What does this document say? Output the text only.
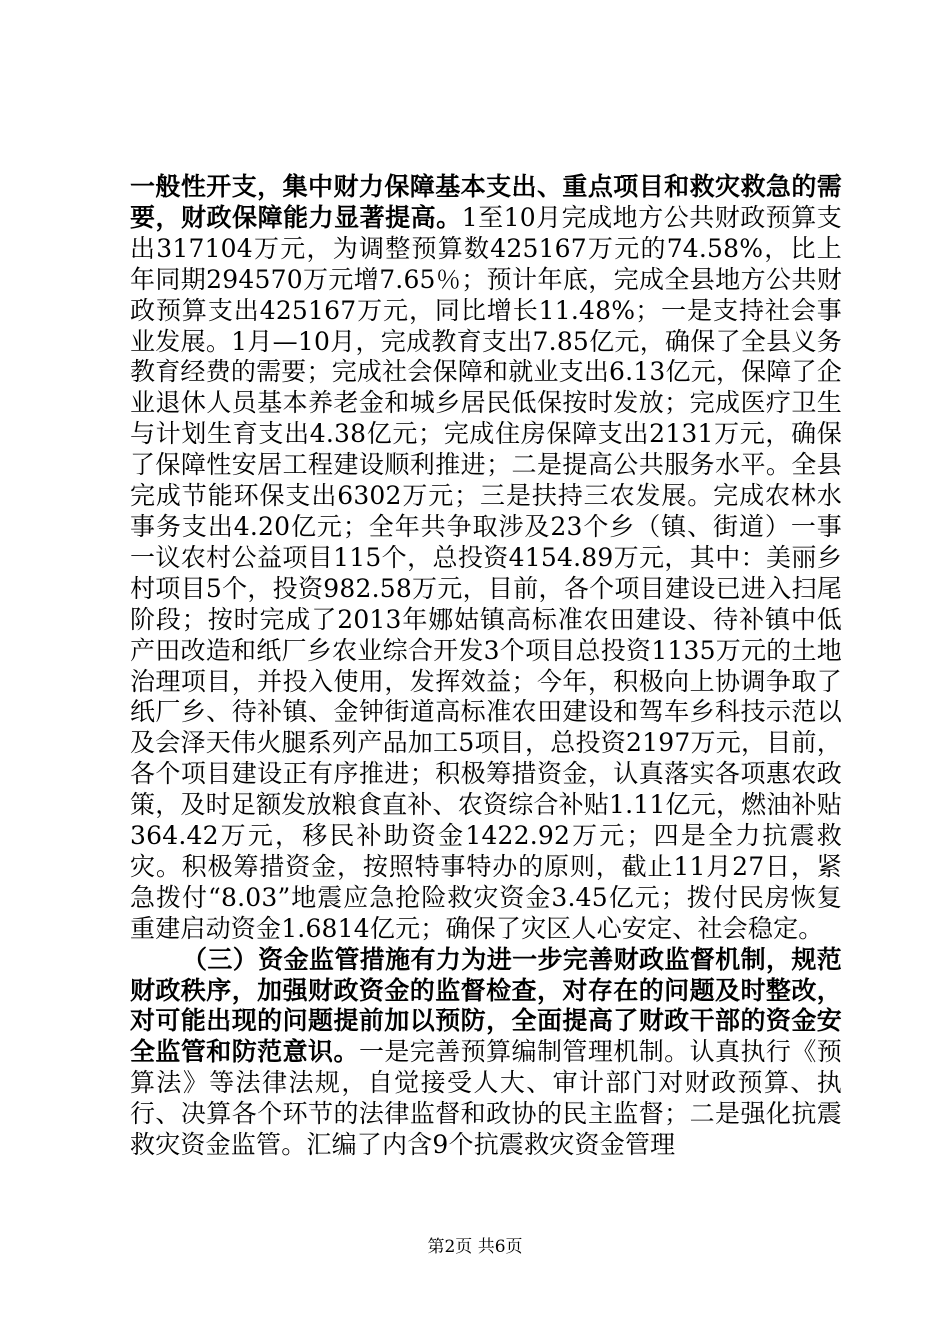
一般性开支，集中财力保障基本支出、重点项目和救灾救急的需要，财政保障能力显著提高。1至10月完成地方公共财政预算支出317104万元，为调整预算数425167万元的74.58%，比上年同期294570万元增7.65％；预计年底，完成全县地方公共财政预算支出425167万元，同比增长11.48%；一是支持社会事业发展。1月—10月，完成教育支出7.85亿元，确保了全县义务教育经费的需要；完成社会保障和就业支出6.13亿元，保障了企业退休人员基本养老金和城乡居民低保按时发放；完成医疗卫生与计划生育支出4.38亿元；完成住房保障支出2131万元，确保了保障性安居工程建设顺利推进；二是提高公共服务水平。全县完成节能环保支出6302万元；三是扶持三农发展。完成农林水事务支出4.20亿元；全年共争取涉及23个乡（镇、街道）一事一议农村公益项目115个，总投资4154.89万元，其中：美丽乡村项目5个，投资982.58万元，目前，各个项目建设已进入扫尾阶段；按时完成了2013年娜姑镇高标准农田建设、待补镇中低产田改造和纸厂乡农业综合开发3个项目总投资1135万元的土地治理项目，并投入使用，发挥效益；今年，积极向上协调争取了纸厂乡、待补镇、金钟街道高标准农田建设和驾车乡科技示范以及会泽天伟火腿系列产品加工5项目，总投资2197万元，目前，各个项目建设正有序推进；积极筹措资金，认真落实各项惠农政策，及时足额发放粮食直补、农资综合补贴1.11亿元，燃油补贴364.42万元，移民补助资金1422.92万元；四是全力抗震救灾。积极筹措资金，按照特事特办的原则，截止11月27日，紧急拨付“8.03”地震应急抢险救灾资金3.45亿元；拨付民房恢复重建启动资金1.6814亿元；确保了灾区人心安定、社会稳定。

（三）资金监管措施有力为进一步完善财政监督机制，规范财政秩序，加强财政资金的监督检查，对存在的问题及时整改，对可能出现的问题提前加以预防，全面提高了财政干部的资金安全监管和防范意识。一是完善预算编制管理机制。认真执行《预算法》等法律法规，自觉接受人大、审计部门对财政预算、执行、决算各个环节的法律监督和政协的民主监督；二是强化抗震救灾资金监管。汇编了内含9个抗震救灾资金管理

第2页 共6页
